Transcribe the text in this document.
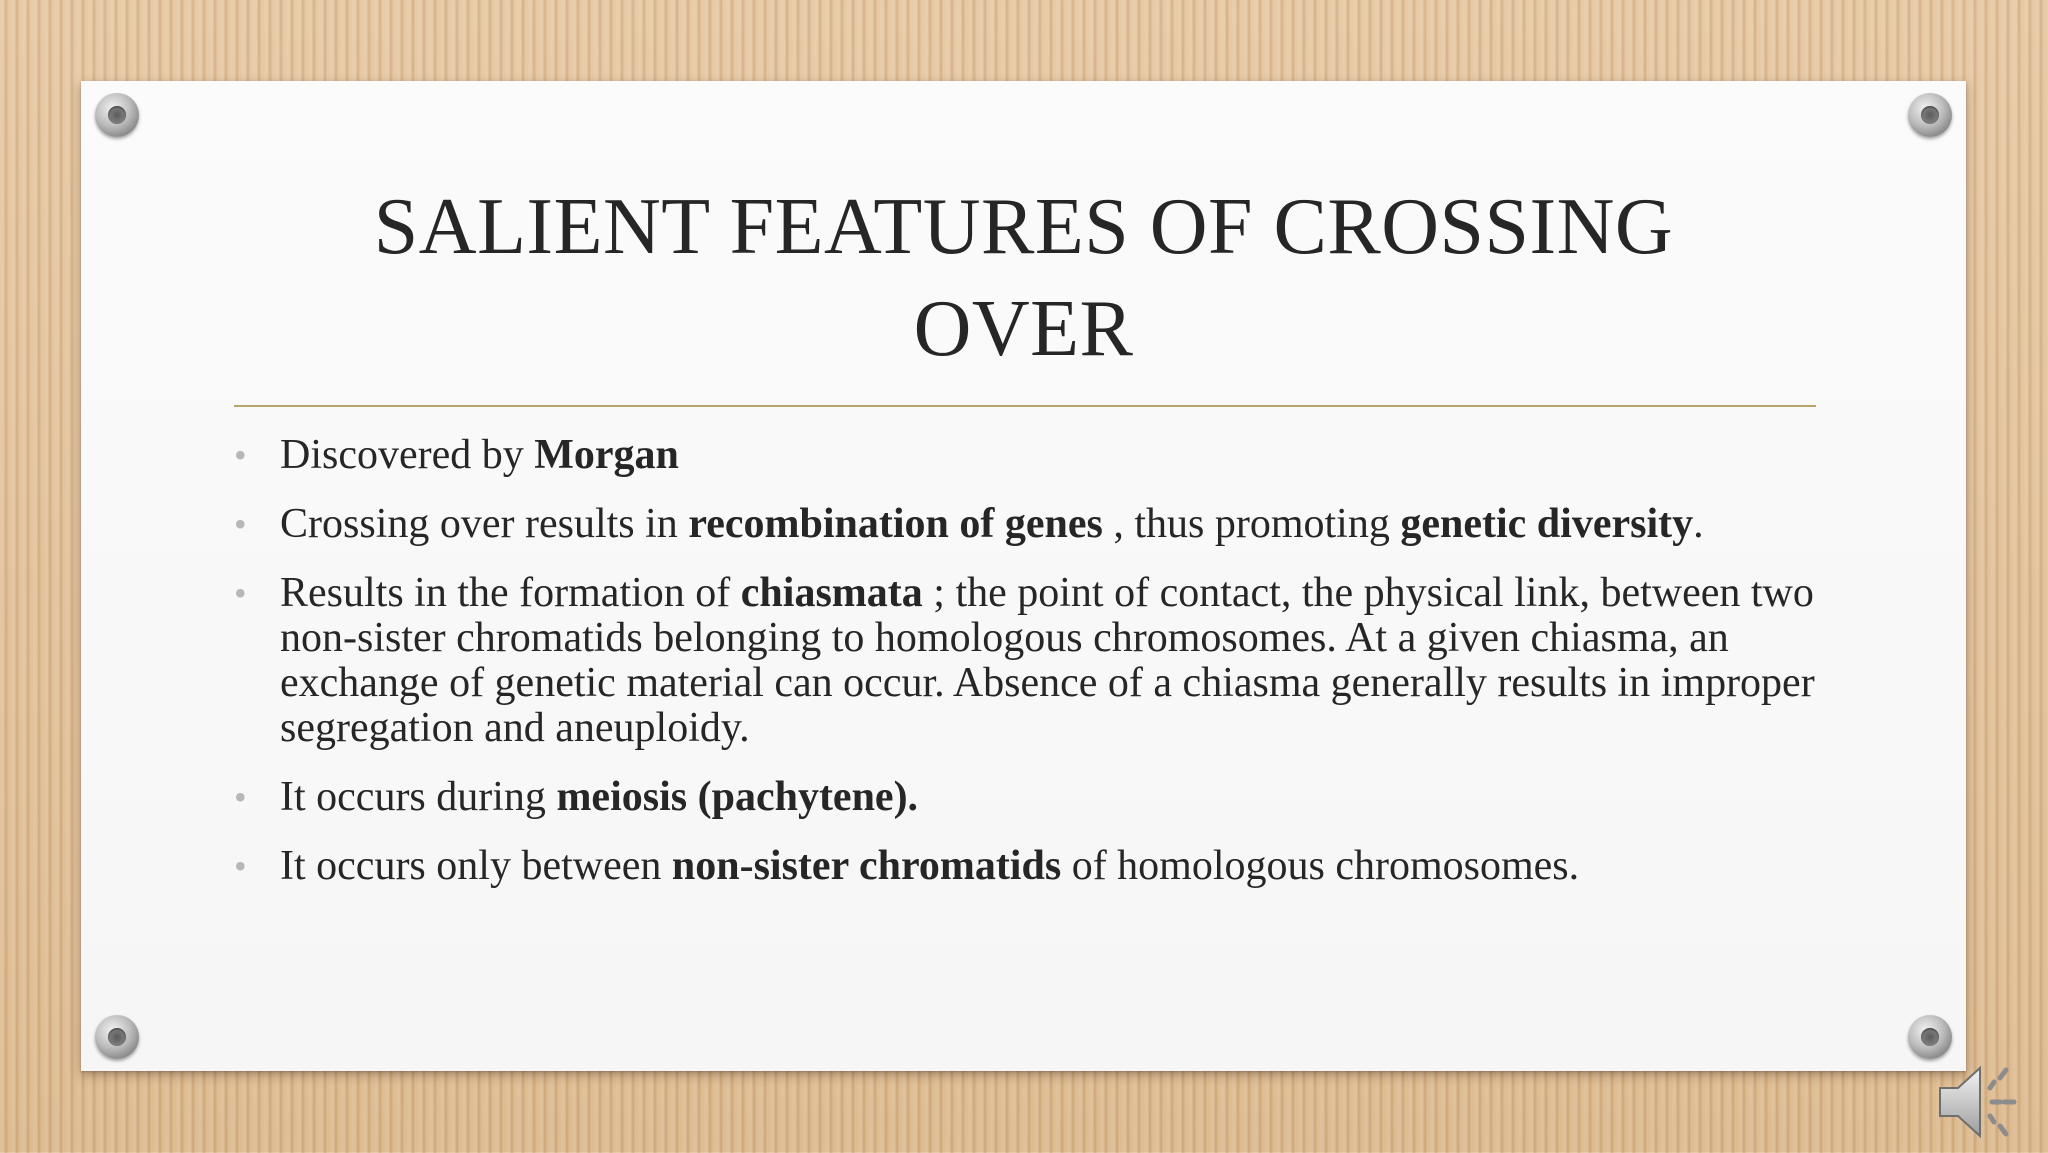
SALIENT FEATURES OF CROSSING
OVER
• Discovered by Morgan
• Crossing over results in recombination of genes , thus promoting genetic diversity.
• Results in the formation of chiasmata ; the point of contact, the physical link, between two non-sister chromatids belonging to homologous chromosomes. At a given chiasma, an exchange of genetic material can occur. Absence of a chiasma generally results in improper segregation and aneuploidy.
• It occurs during meiosis (pachytene).
• It occurs only between non-sister chromatids of homologous chromosomes.
